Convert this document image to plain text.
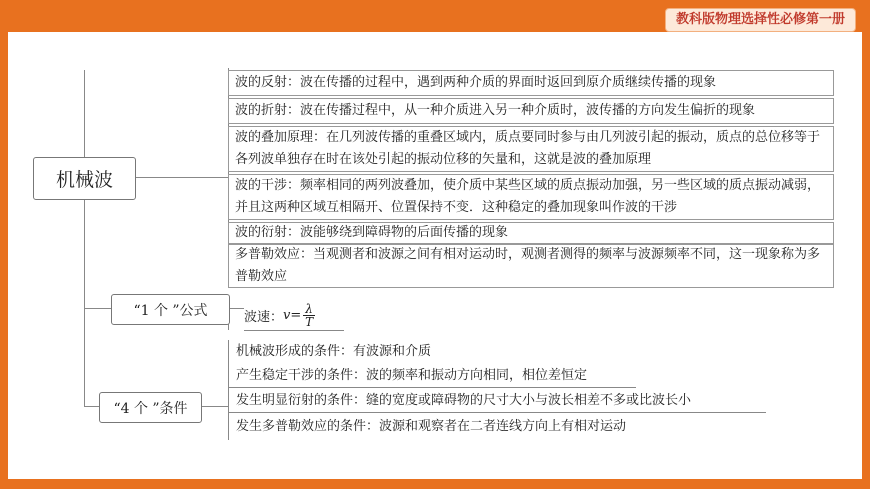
教科版物理选择性必修第一册
机械波
“1 个 ”公式
“4 个 ”条件
波的反射：波在传播的过程中，遇到两种介质的界面时返回到原介质继续传播的现象
波的折射：波在传播过程中，从一种介质进入另一种介质时，波传播的方向发生偏折的现象
波的叠加原理：在几列波传播的重叠区域内，质点要同时参与由几列波引起的振动，质点的总位移等于各列波单独存在时在该处引起的振动位移的矢量和，这就是波的叠加原理
波的干涉：频率相同的两列波叠加，使介质中某些区域的质点振动加强，另一些区域的质点振动减弱，并且这两种区域互相隔开、位置保持不变．这种稳定的叠加现象叫作波的干涉
波的衍射：波能够绕到障碍物的后面传播的现象
多普勒效应：当观测者和波源之间有相对运动时，观测者测得的频率与波源频率不同，这一现象称为多普勒效应
波速： $v = \frac{\lambda}{T}$
机械波形成的条件：有波源和介质
产生稳定干涉的条件：波的频率和振动方向相同，相位差恒定
发生明显衍射的条件：缝的宽度或障碍物的尺寸大小与波长相差不多或比波长小
发生多普勒效应的条件：波源和观察者在二者连线方向上有相对运动
